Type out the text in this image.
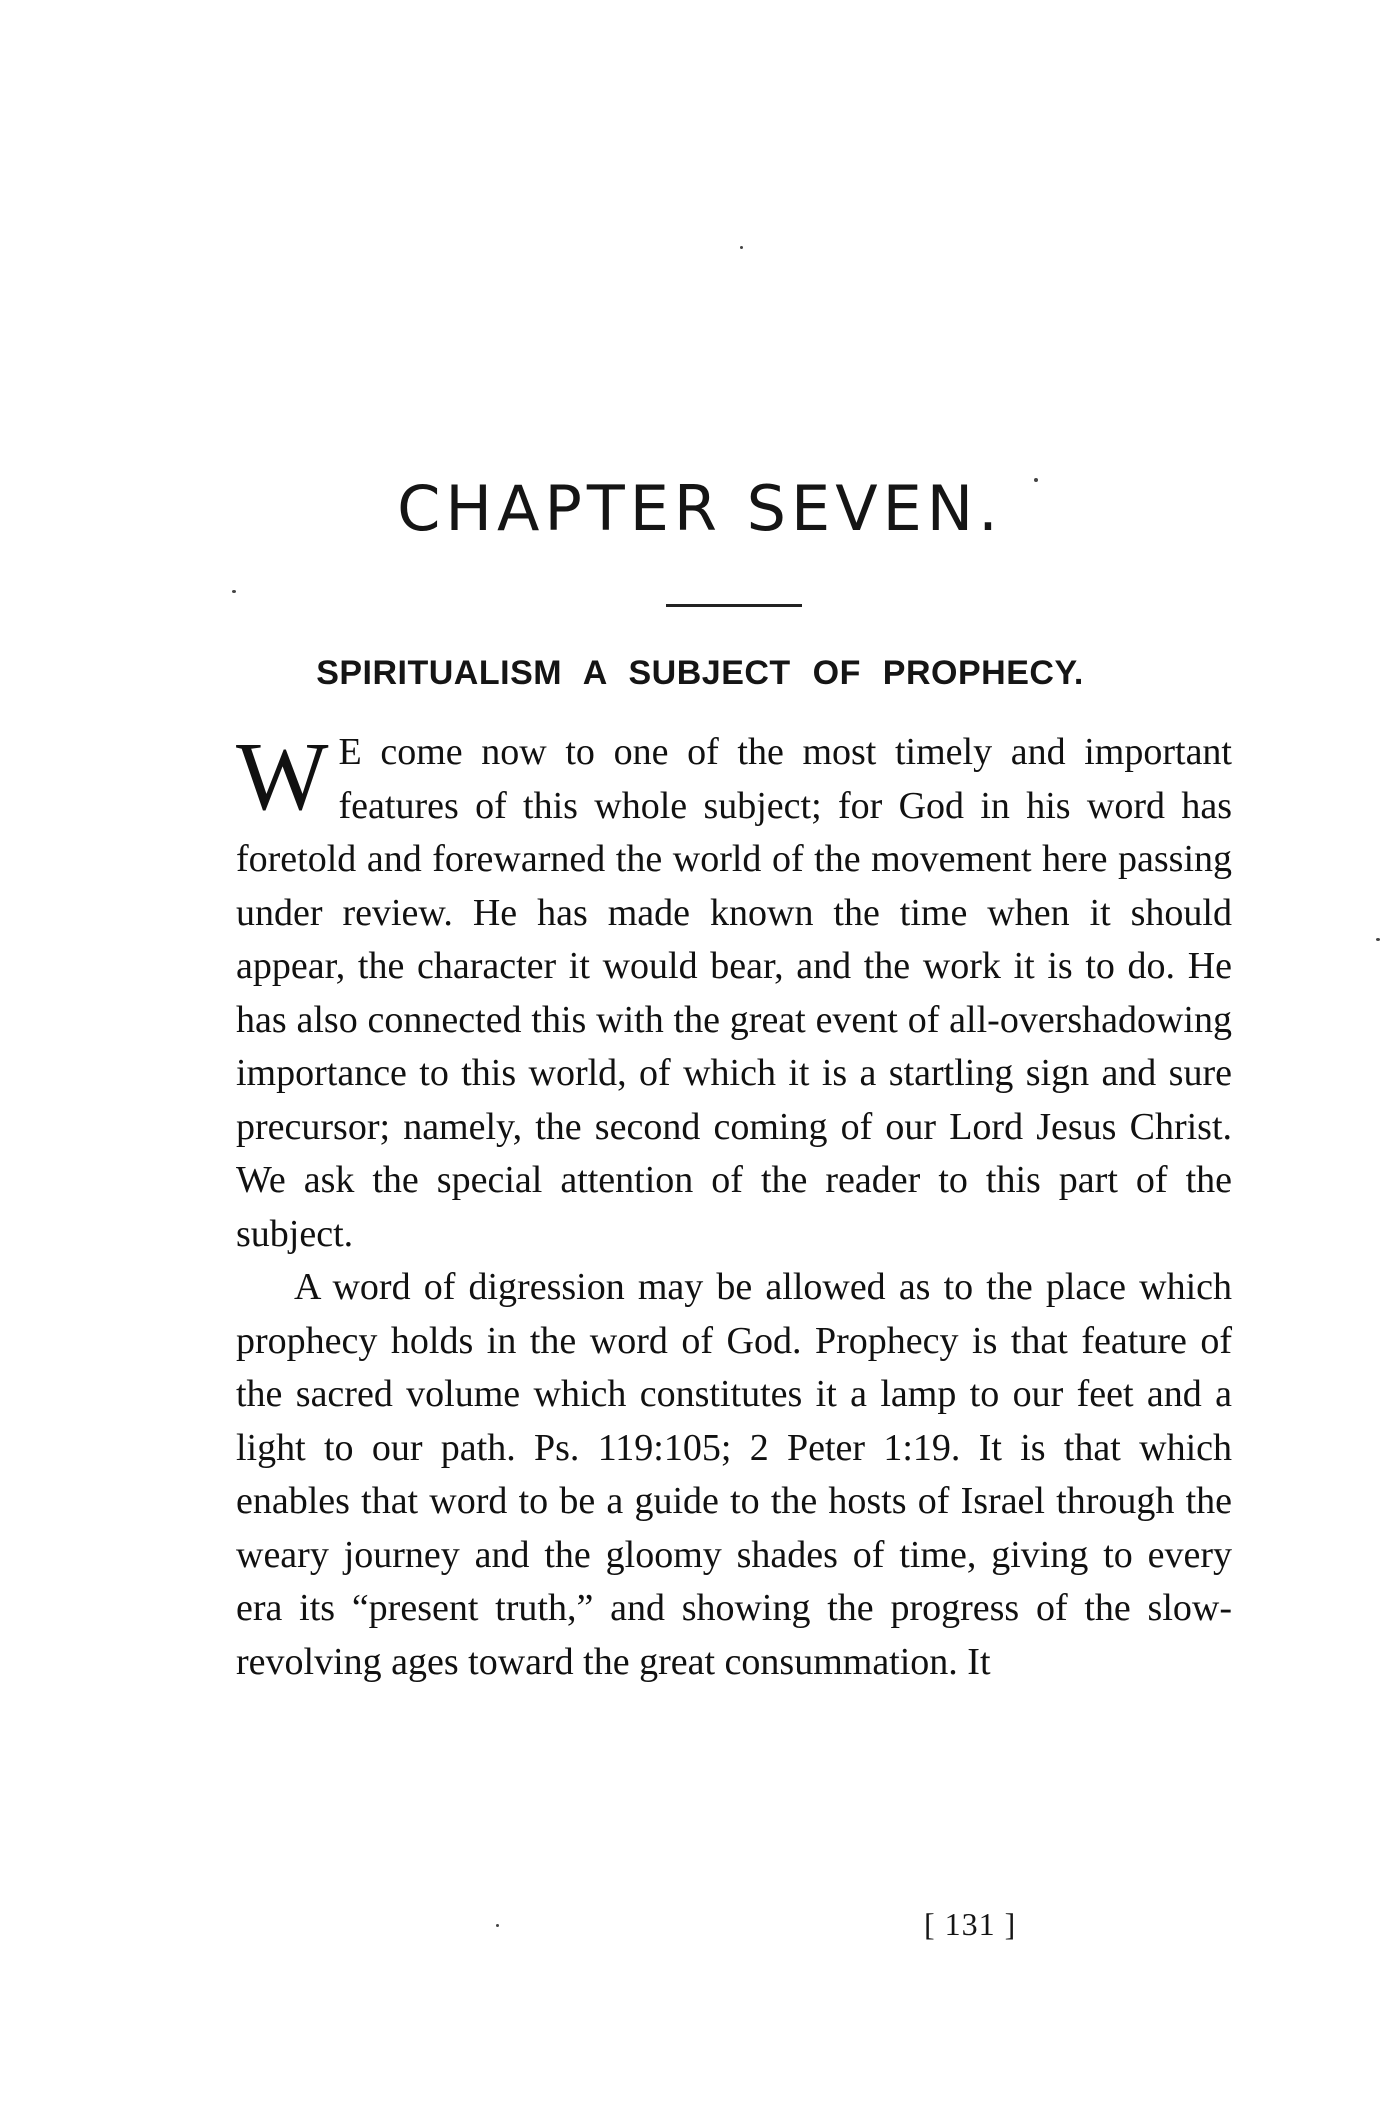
CHAPTER SEVEN.
SPIRITUALISM A SUBJECT OF PROPHECY.

W E come now to one of the most timely and important features of this whole subject; for God in his word has foretold and forewarned the world of the movement here passing under review. He has made known the time when it should appear, the character it would bear, and the work it is to do. He has also connected this with the great event of all-overshadowing importance to this world, of which it is a startling sign and sure precursor; namely, the second coming of our Lord Jesus Christ. We ask the special attention of the reader to this part of the subject.

A word of digression may be allowed as to the place which prophecy holds in the word of God. Prophecy is that feature of the sacred volume which constitutes it a lamp to our feet and a light to our path. Ps. 119:105; 2 Peter 1:19. It is that which enables that word to be a guide to the hosts of Israel through the weary journey and the gloomy shades of time, giving to every era its “present truth,” and showing the progress of the slow-revolving ages toward the great consummation. It

[ 131 ]
